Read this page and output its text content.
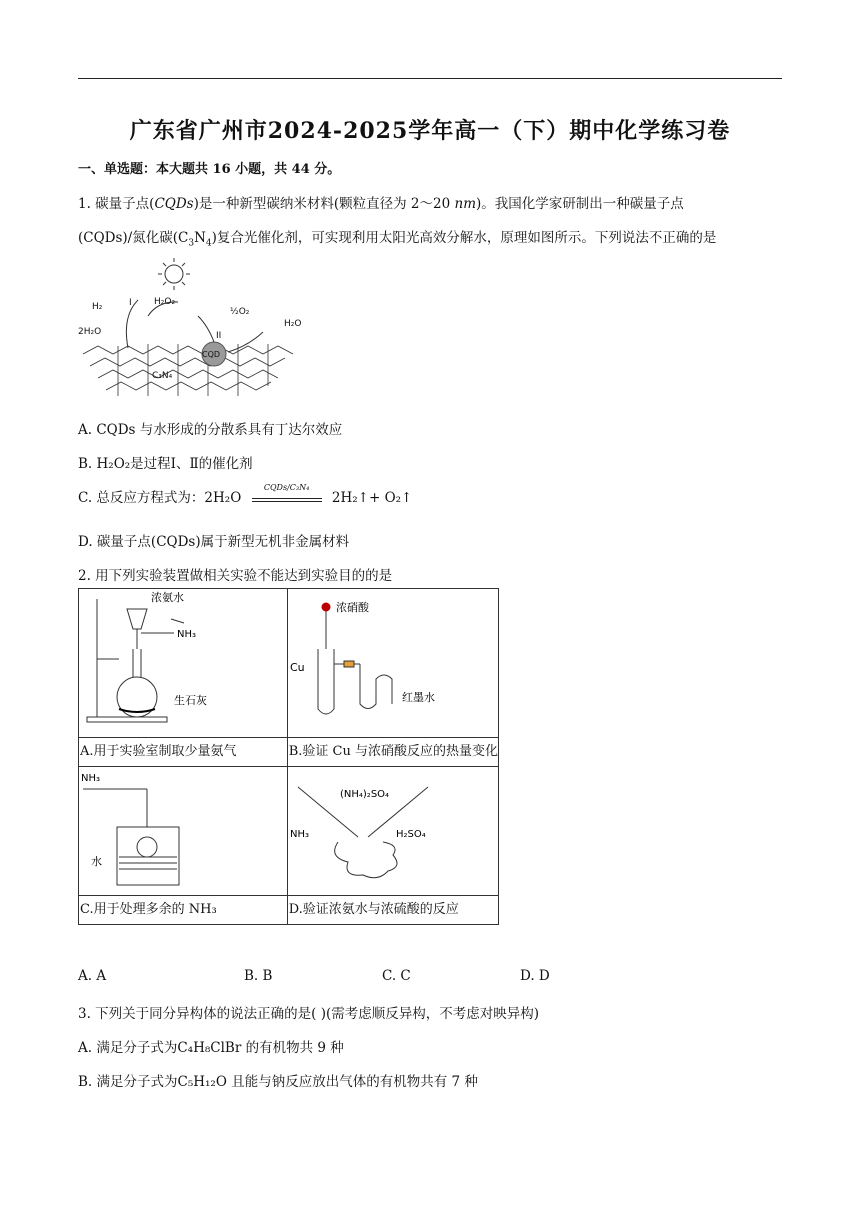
广东省广州市2024-2025学年高一（下）期中化学练习卷
一、单选题：本大题共 16 小题，共 44 分。
1. 碳量子点(CQDs)是一种新型碳纳米材料(颗粒直径为 2～20 nm)。我国化学家研制出一种碳量子点
(CQDs)/氮化碳$(C_3N_4)$复合光催化剂，可实现利用太阳光高效分解水，原理如图所示。下列说法不正确的是
H₂	I H₂O₂
½O₂
2H₂O	II
H₂O
CQD
C₃N₄
A. CQDs 与水形成的分散系具有丁达尔效应
B. H₂O₂是过程Ⅰ、Ⅱ的催化剂
C. 总反应方程式为：2H₂O
CQDs/C₃N₄
2H₂↑+ O₂↑
D. 碳量子点(CQDs)属于新型无机非金属材料
2. 用下列实验装置做相关实验不能达到实验目的的是
浓氨水
NH₃
生石灰	浓硝酸
Cu
红墨水

A.用于实验室制取少量氨气	B.验证 Cu 与浓硝酸反应的热量变化

NH₃
水	(NH₄)₂SO₄
NH₃ H₂SO₄

C.用于处理多余的 NH₃	D.验证浓氨水与浓硫酸的反应
A. A	B. B	C. C	D. D
3. 下列关于同分异构体的说法正确的是( )(需考虑顺反异构，不考虑对映异构)
A. 满足分子式为C₄H₈ClBr 的有机物共 9 种
B. 满足分子式为C₅H₁₂O 且能与钠反应放出气体的有机物共有 7 种
